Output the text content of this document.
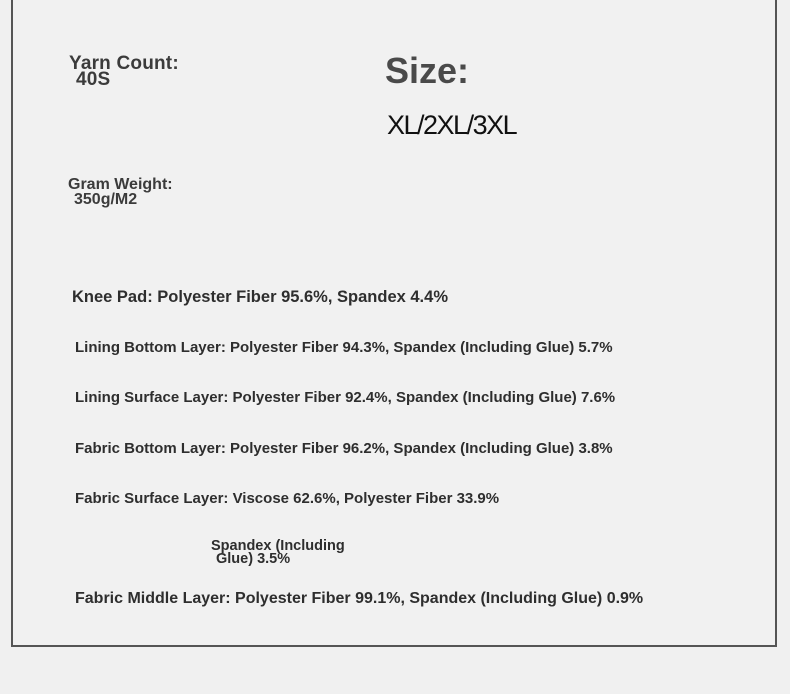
Yarn Count:
40S
Gram Weight:
350g/M2
Size:
XL/2XL/3XL
Knee Pad: Polyester Fiber 95.6%, Spandex 4.4%
Lining Bottom Layer: Polyester Fiber 94.3%, Spandex (Including Glue) 5.7%
Lining Surface Layer: Polyester Fiber 92.4%, Spandex (Including Glue) 7.6%
Fabric Bottom Layer: Polyester Fiber 96.2%, Spandex (Including Glue) 3.8%
Fabric Surface Layer: Viscose 62.6%, Polyester Fiber 33.9%
Spandex (Including
Glue) 3.5%
Fabric Middle Layer: Polyester Fiber 99.1%, Spandex (Including Glue) 0.9%
